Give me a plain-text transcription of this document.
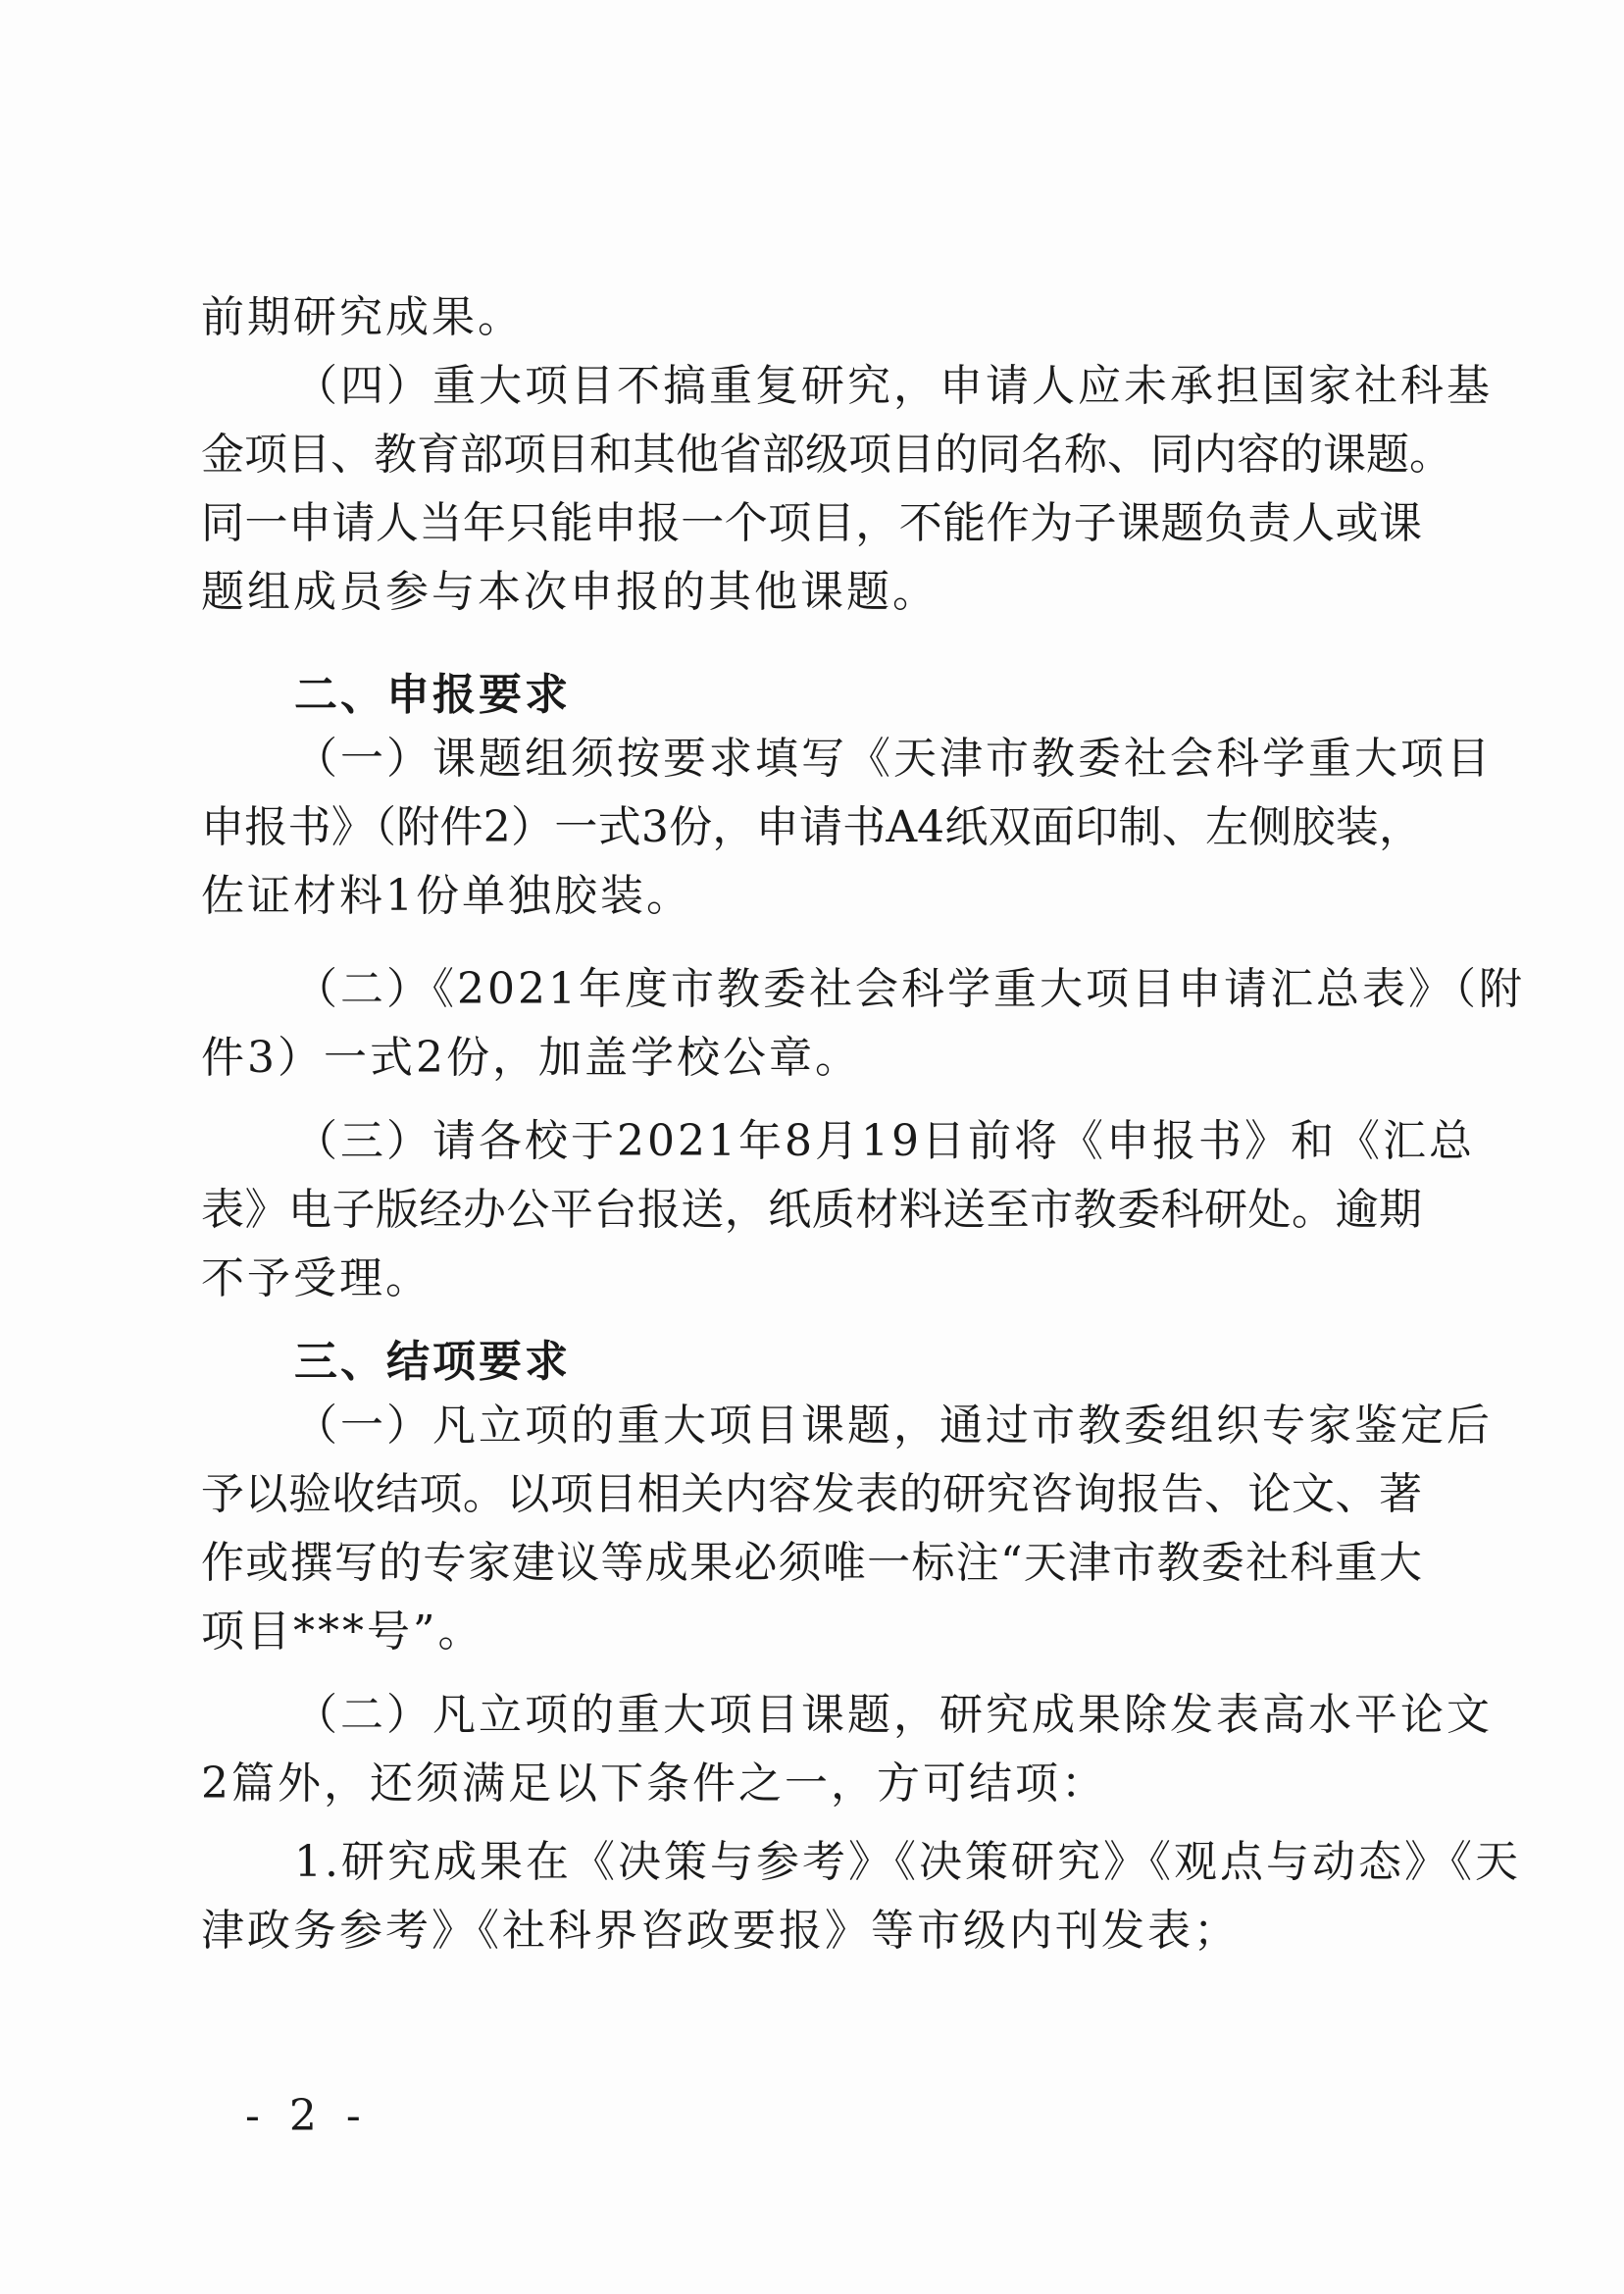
前期研究成果。
（四）重大项目不搞重复研究，申请人应未承担国家社科基
金项目、教育部项目和其他省部级项目的同名称、同内容的课题。
同一申请人当年只能申报一个项目，不能作为子课题负责人或课
题组成员参与本次申报的其他课题。
二、申报要求
（一）课题组须按要求填写《天津市教委社会科学重大项目
申报书》（附件2）一式3份，申请书A4纸双面印制、左侧胶装，
佐证材料1份单独胶装。
（二）《2021年度市教委社会科学重大项目申请汇总表》（附
件3）一式2份，加盖学校公章。
（三）请各校于2021年8月19日前将《申报书》和《汇总
表》电子版经办公平台报送，纸质材料送至市教委科研处。逾期
不予受理。
三、结项要求
（一）凡立项的重大项目课题，通过市教委组织专家鉴定后
予以验收结项。以项目相关内容发表的研究咨询报告、论文、著
作或撰写的专家建议等成果必须唯一标注“天津市教委社科重大
项目***号”。
（二）凡立项的重大项目课题，研究成果除发表高水平论文
2篇外，还须满足以下条件之一，方可结项：
1.研究成果在《决策与参考》《决策研究》《观点与动态》《天
津政务参考》《社科界咨政要报》等市级内刊发表；
- 2 -
